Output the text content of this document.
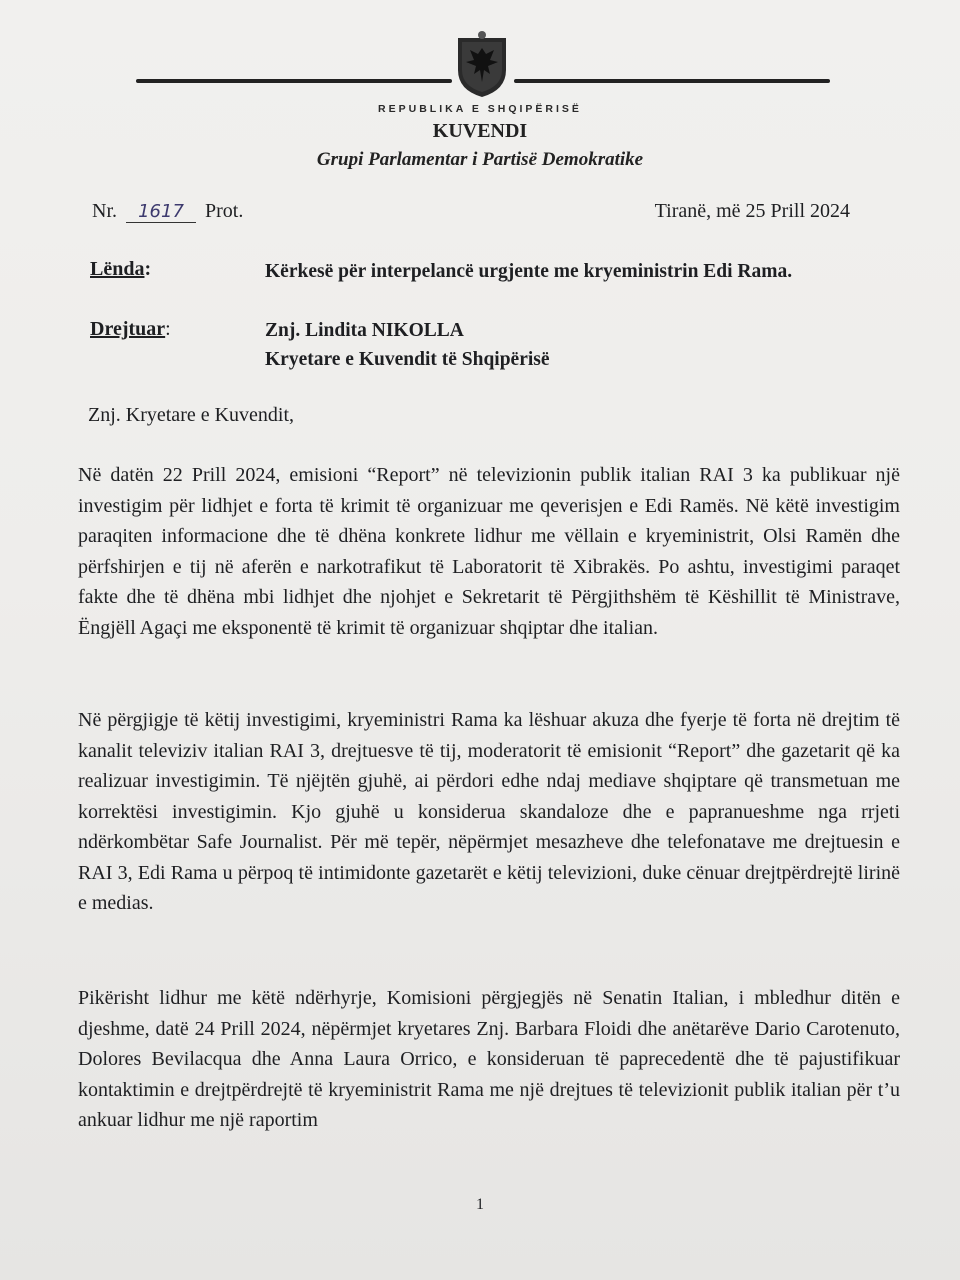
REPUBLIKA E SHQIPËRISË
KUVENDI
Grupi Parlamentar i Partisë Demokratike
Nr. 1617 Prot.	Tiranë, më 25 Prill 2024
Lënda:	Kërkesë për interpelancë urgjente me kryeministrin Edi Rama.
Drejtuar:	Znj. Lindita NIKOLLA
Kryetare e Kuvendit të Shqipërisë
Znj. Kryetare e Kuvendit,

Në datën 22 Prill 2024, emisioni “Report” në televizionin publik italian RAI 3 ka publikuar një investigim për lidhjet e forta të krimit të organizuar me qeverisjen e Edi Ramës. Në këtë investigim paraqiten informacione dhe të dhëna konkrete lidhur me vëllain e kryeministrit, Olsi Ramën dhe përfshirjen e tij në aferën e narkotrafikut të Laboratorit të Xibrakës. Po ashtu, investigimi paraqet fakte dhe të dhëna mbi lidhjet dhe njohjet e Sekretarit të Përgjithshëm të Këshillit të Ministrave, Ëngjëll Agaçi me eksponentë të krimit të organizuar shqiptar dhe italian.

Në përgjigje të këtij investigimi, kryeministri Rama ka lëshuar akuza dhe fyerje të forta në drejtim të kanalit televiziv italian RAI 3, drejtuesve të tij, moderatorit të emisionit “Report” dhe gazetarit që ka realizuar investigimin. Të njëjtën gjuhë, ai përdori edhe ndaj mediave shqiptare që transmetuan me korrektësi investigimin. Kjo gjuhë u konsiderua skandaloze dhe e papranueshme nga rrjeti ndërkombëtar Safe Journalist. Për më tepër, nëpërmjet mesazheve dhe telefonatave me drejtuesin e RAI 3, Edi Rama u përpoq të intimidonte gazetarët e këtij televizioni, duke cënuar drejtpërdrejtë lirinë e medias.

Pikërisht lidhur me këtë ndërhyrje, Komisioni përgjegjës në Senatin Italian, i mbledhur ditën e djeshme, datë 24 Prill 2024, nëpërmjet kryetares Znj. Barbara Floidi dhe anëtarëve Dario Carotenuto, Dolores Bevilacqua dhe Anna Laura Orrico, e konsideruan të paprecedentë dhe të pajustifikuar kontaktimin e drejtpërdrejtë të kryeministrit Rama me një drejtues të televizionit publik italian për t’u ankuar lidhur me një raportim

1
